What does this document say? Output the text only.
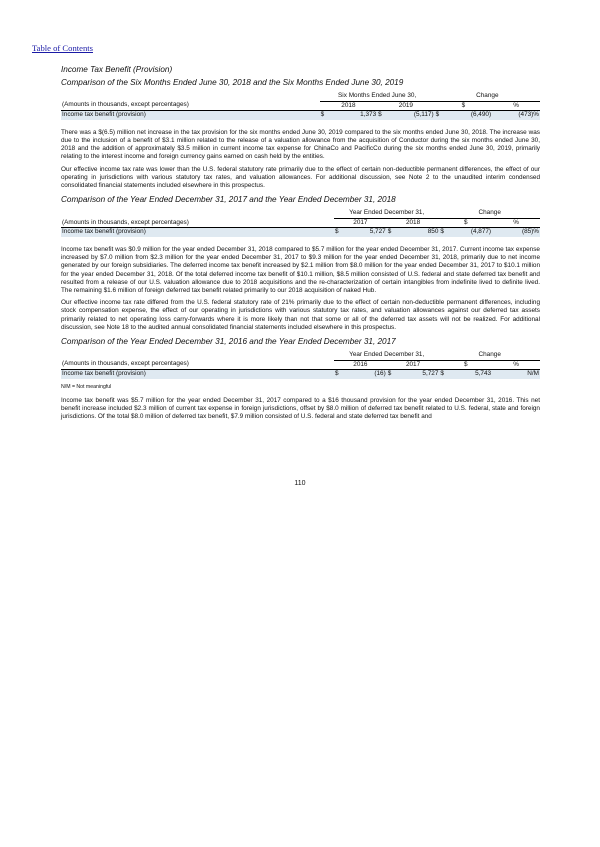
Table of Contents

Income Tax Benefit (Provision)

Comparison of the Six Months Ended June 30, 2018 and the Six Months Ended June 30, 2019

	Six Months Ended June 30,				Change		
(Amounts in thousands, except percentages)	2018		2019		$		%
Income tax benefit (provision)	$	1,373	$	(5,117)	$	(6,490)	(473)%

There was a $(6.5) million net increase in the tax provision for the six months ended June 30, 2019 compared to the six months ended June 30, 2018. The increase was due to the inclusion of a benefit of $3.1 million related to the release of a valuation allowance from the acquisition of Conductor during the six months ended June 30, 2018 and the addition of approximately $3.5 million in current income tax expense for ChinaCo and PacificCo during the six months ended June 30, 2019, primarily relating to the interest income and foreign currency gains earned on cash held by the entities.

Our effective income tax rate was lower than the U.S. federal statutory rate primarily due to the effect of certain non-deductible permanent differences, the effect of our operating in jurisdictions with various statutory tax rates, and valuation allowances. For additional discussion, see Note 2 to the unaudited interim condensed consolidated financial statements included elsewhere in this prospectus.

Comparison of the Year Ended December 31, 2017 and the Year Ended December 31, 2018

	Year Ended December 31,				Change		
(Amounts in thousands, except percentages)	2017		2018		$		%
Income tax benefit (provision)	$	5,727	$	850	$	(4,877)	(85)%

Income tax benefit was $0.9 million for the year ended December 31, 2018 compared to $5.7 million for the year ended December 31, 2017. Current income tax expense increased by $7.0 million from $2.3 million for the year ended December 31, 2017 to $9.3 million for the year ended December 31, 2018, primarily due to net income generated by our foreign subsidiaries. The deferred income tax benefit increased by $2.1 million from $8.0 million for the year ended December 31, 2017 to $10.1 million for the year ended December 31, 2018. Of the total deferred income tax benefit of $10.1 million, $8.5 million consisted of U.S. federal and state deferred tax benefit and resulted from a release of our U.S. valuation allowance due to 2018 acquisitions and the re-characterization of certain intangibles from indefinite lived to definite lived. The remaining $1.6 million of foreign deferred tax benefit related primarily to our 2018 acquisition of naked Hub.

Our effective income tax rate differed from the U.S. federal statutory rate of 21% primarily due to the effect of certain non-deductible permanent differences, including stock compensation expense, the effect of our operating in jurisdictions with various statutory tax rates, and valuation allowances against our deferred tax assets primarily related to net operating loss carry-forwards where it is more likely than not that some or all of the deferred tax assets will not be realized. For additional discussion, see Note 18 to the audited annual consolidated financial statements included elsewhere in this prospectus.

Comparison of the Year Ended December 31, 2016 and the Year Ended December 31, 2017

	Year Ended December 31,				Change		
(Amounts in thousands, except percentages)	2016		2017		$		%
Income tax benefit (provision)	$	(16)	$	5,727	$	5,743	N/M

N/M = Not meaningful

Income tax benefit was $5.7 million for the year ended December 31, 2017 compared to a $16 thousand provision for the year ended December 31, 2016. This net benefit increase included $2.3 million of current tax expense in foreign jurisdictions, offset by $8.0 million of deferred tax benefit related to U.S. federal, state and foreign jurisdictions. Of the total $8.0 million of deferred tax benefit, $7.9 million consisted of U.S. federal and state deferred tax benefit and

110
